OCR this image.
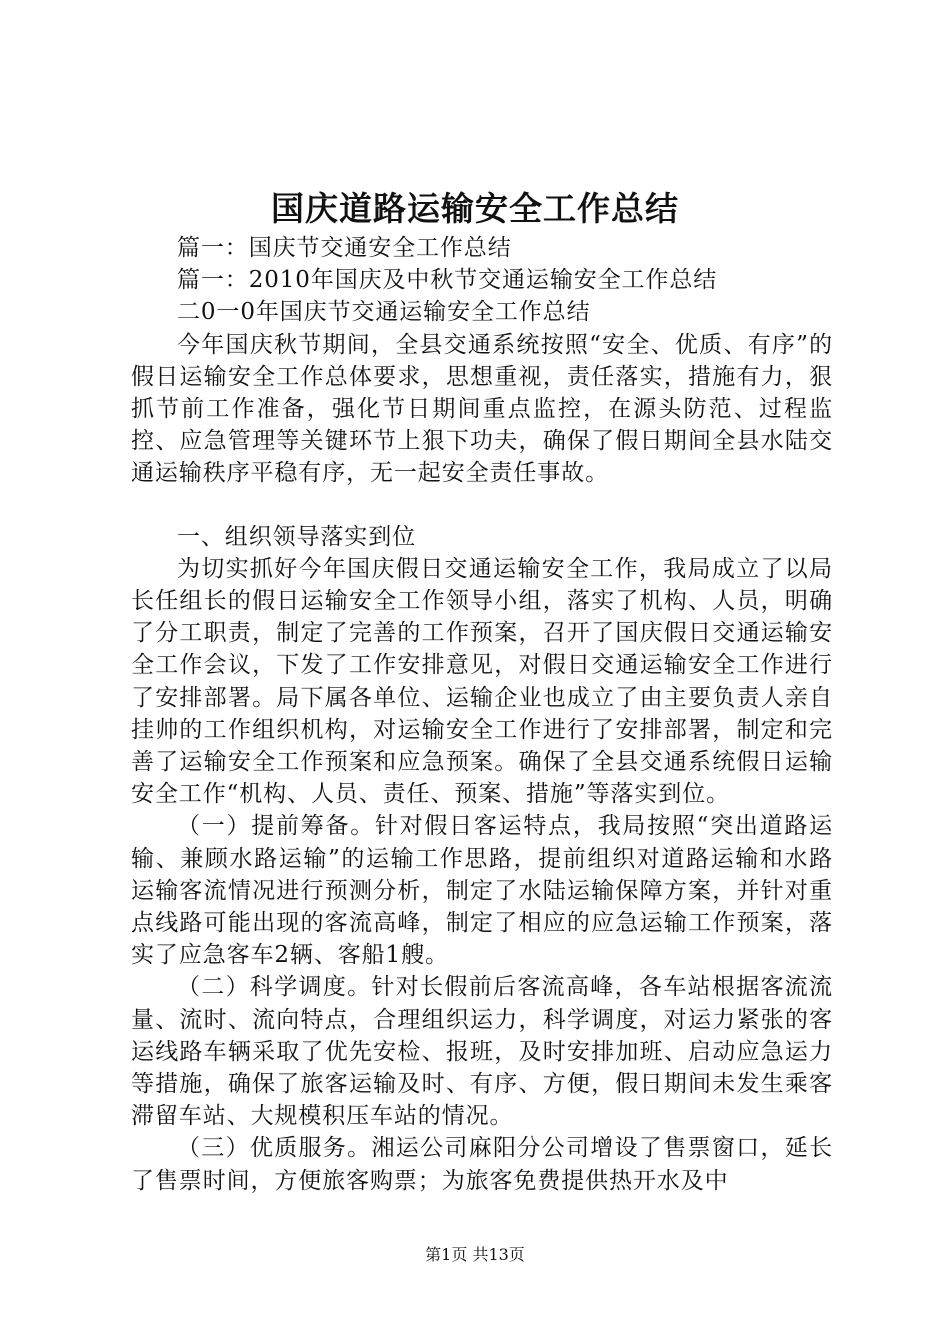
国庆道路运输安全工作总结

篇一：国庆节交通安全工作总结

篇一：2010年国庆及中秋节交通运输安全工作总结

二0一0年国庆节交通运输安全工作总结

今年国庆秋节期间，全县交通系统按照“安全、优质、有序”的假日运输安全工作总体要求，思想重视，责任落实，措施有力，狠抓节前工作准备，强化节日期间重点监控，在源头防范、过程监控、应急管理等关键环节上狠下功夫，确保了假日期间全县水陆交通运输秩序平稳有序，无一起安全责任事故。

一、组织领导落实到位

为切实抓好今年国庆假日交通运输安全工作，我局成立了以局长任组长的假日运输安全工作领导小组，落实了机构、人员，明确了分工职责，制定了完善的工作预案，召开了国庆假日交通运输安全工作会议，下发了工作安排意见，对假日交通运输安全工作进行了安排部署。局下属各单位、运输企业也成立了由主要负责人亲自挂帅的工作组织机构，对运输安全工作进行了安排部署，制定和完善了运输安全工作预案和应急预案。确保了全县交通系统假日运输安全工作“机构、人员、责任、预案、措施”等落实到位。

（一）提前筹备。针对假日客运特点，我局按照“突出道路运输、兼顾水路运输”的运输工作思路，提前组织对道路运输和水路运输客流情况进行预测分析，制定了水陆运输保障方案，并针对重点线路可能出现的客流高峰，制定了相应的应急运输工作预案，落实了应急客车2辆、客船1艘。

（二）科学调度。针对长假前后客流高峰，各车站根据客流流量、流时、流向特点，合理组织运力，科学调度，对运力紧张的客运线路车辆采取了优先安检、报班，及时安排加班、启动应急运力等措施，确保了旅客运输及时、有序、方便，假日期间未发生乘客滞留车站、大规模积压车站的情况。

（三）优质服务。湘运公司麻阳分公司增设了售票窗口，延长了售票时间，方便旅客购票；为旅客免费提供热开水及中

第1页 共13页
